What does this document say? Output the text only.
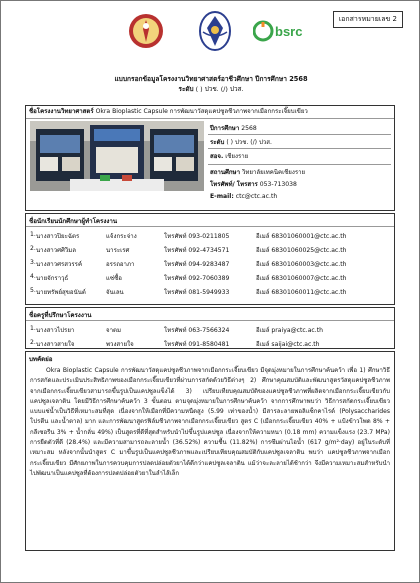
เอกสารหมายเลข 2
bsrc
แบบกรอกข้อมูลโครงงานวิทยาศาสตร์อาชีวศึกษา ปีการศึกษา 2568
ระดับ ( ) ปวช. (/) ปวส.
ชื่อโครงงานวิทยาศาสตร์ Okra Bioplastic Capsule การพัฒนาวัสดุแคปซูลชีวภาพจากเมือกกระเจี๊ยบเขียว
ปีการศึกษา 2568
ระดับ ( ) ปวช. (/) ปวส.
สอจ. เชียงราย
สถานศึกษา วิทยาลัยเทคนิคเชียงราย
โทรศัพท์/ โทรสาร 053-713038
E-mail: ctc@ctc.ac.th
ชื่อนักเรียนนักศึกษาผู้ทำโครงงาน
1. นางสาวปิยะฉัตร	แจ้งกระจ่าง	โทรศัพท์ 093-0211805	อีเมล์ 68301060001@ctc.ac.th
2. นางสาวศศิวิมล	นาระเรศ	โทรศัพท์ 092-4734571	อีเมล์ 68301060025@ctc.ac.th
3. นางสาวศรสวรรค์	อรรถอาภา	โทรศัพท์ 094-9283487	อีเมล์ 68301060003@ctc.ac.th
4. นายจักราวุธ์	แซ่ซื้อ	โทรศัพท์ 092-7060389	อีเมล์ 68301060007@ctc.ac.th
5. นายทรัพย์สุขอนันต์	จันเลน	โทรศัพท์ 081-5949933	อีเมล์ 68301060011@ctc.ac.th
ชื่อครูที่ปรึกษาโครงงาน
1. นางสาวไปรยา	จาตม	โทรศัพท์ 063-7566324	อีเมล์ praiya@ctc.ac.th
2. นางสาวสายใจ	พวงสายใจ	โทรศัพท์ 091-8580481	อีเมล์ saijai@ctc.ac.th
บทคัดย่อ
Okra Bioplastic Capsule การพัฒนาวัสดุแคปซูลชีวภาพจากเมือกกระเจี๊ยบเขียว มีจุดมุ่งหมายในการศึกษาค้นคว้า เพื่อ 1) ศึกษาวิธีการสกัดและประเมินประสิทธิภาพของเมือกกระเจี๊ยบเขียวที่ผ่านการสกัดด้วยวิธีต่างๆ 2) ศึกษาคุณสมบัติและพัฒนาสูตรวัสดุแคปซูลชีวภาพจากเมือกกระเจี๊ยบเขียวสามารถขึ้นรูปเป็นแคปซูลแข็งได้ 3) เปรียบเทียบคุณสมบัติของแคปซูลชีวภาพที่ผลิตจากเมือกกระเจี๊ยบเขียวกับแคปซูลเจลาติน โดยมีวิธีการศึกษาค้นคว้า 3 ขั้นตอน ตามจุดมุ่งหมายในการศึกษาค้นคว้า จากการศึกษาพบว่า วิธีการสกัดกระเจี๊ยบเขียวแบบแช่น้ำเป็นวิธีที่เหมาะสมที่สุด เนื่องจากให้เมือกที่มีความหนืดสูง (5.99 เท่าของน้ำ) มีสารละลายพอลิแซ็กคาไรด์ (Polysaccharides โปรตีน และน้ำตาล) มาก และการพัฒนาสูตรฟิล์มชีวภาพจากเมือกกระเจี๊ยบเขียว สูตร C (เมือกกระเจี๊ยบเขียว 40% + แป้งข้าวโพด 8% + กลีเซอรีน 3% + น้ำกลั่น 49%) เป็นสูตรที่ดีที่สุดสำหรับนำไปขึ้นรูปแคปซูล เนื่องจากให้ความหนา (0.18 mm) ความแข็งแรง (23.7 MPa) การยืดตัวที่ดี (28.4%) และมีความสามารถละลายน้ำ (36.52%) ความชื้น (11.82%) การซึมผ่านไอน้ำ (617 g/m²·day) อยู่ในระดับที่เหมาะสม หลังจากนั้นนำสูตร C มาขึ้นรูปเป็นแคปซูลชีวภาพและเปรียบเทียบคุณสมบัติกับแคปซูลเจลาติน พบว่า แคปซูลชีวภาพจากเมือกกระเจี๊ยบเขียว มีศักยภาพในการควบคุมการปลดปล่อยตัวยาได้ดีกว่าแคปซูลเจลาติน แม้ว่าจะละลายได้ช้ากว่า จึงมีความเหมาะสมสำหรับนำไปพัฒนาเป็นแคปซูลที่ต้องการปลดปล่อยตัวยาในลำไส้เล็ก
